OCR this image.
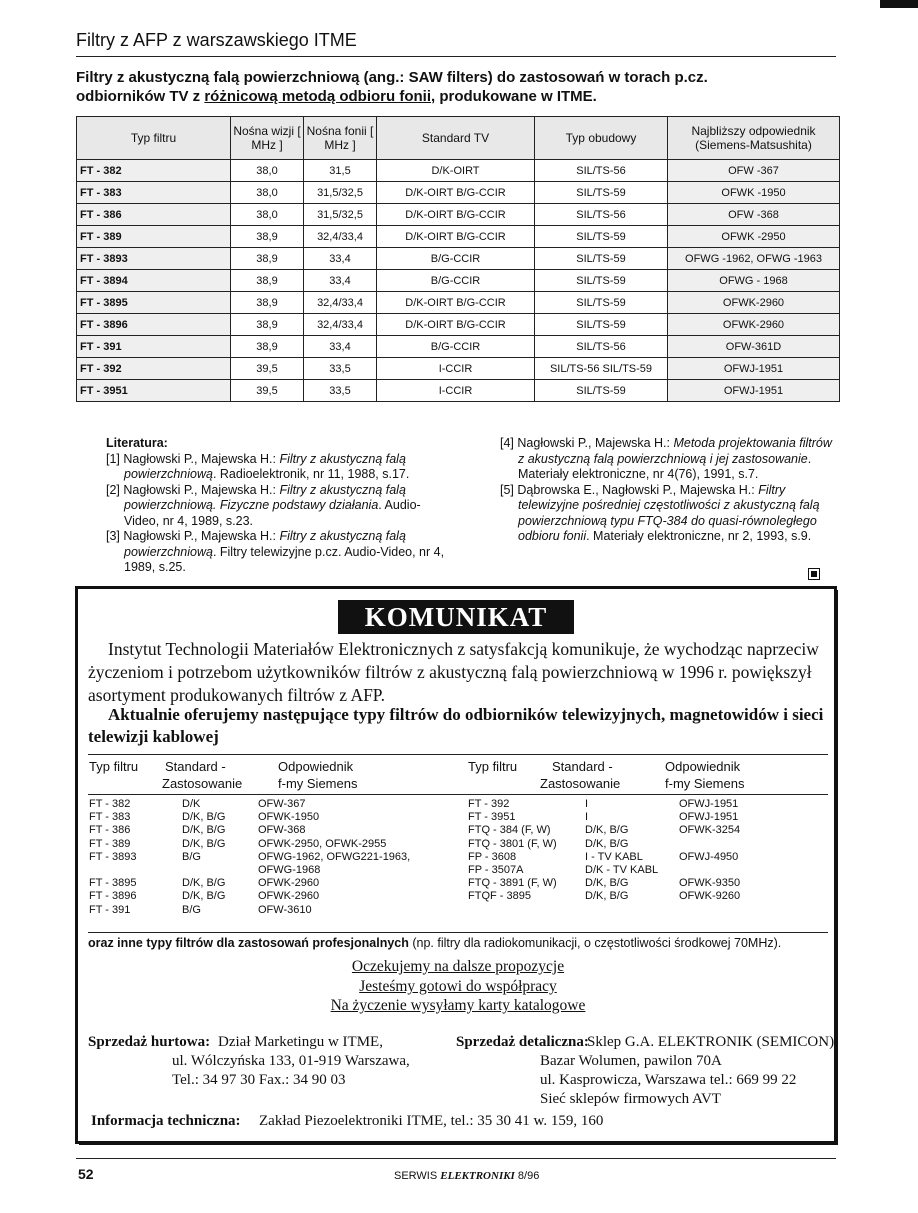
Filtry z AFP z warszawskiego ITME
Filtry z akustyczną falą powierzchniową (ang.: SAW filters) do zastosowań w torach p.cz. odbiorników TV z różnicową metodą odbioru fonii, produkowane w ITME.
Typ filtru	Nośna wizji [ MHz ]	Nośna fonii [ MHz ]	Standard TV	Typ obudowy	Najbliższy odpowiednik (Siemens-Matsushita)
FT - 382	38,0	31,5	D/K-OIRT	SIL/TS-56	OFW -367
FT - 383	38,0	31,5/32,5	D/K-OIRT B/G-CCIR	SIL/TS-59	OFWK -1950
FT - 386	38,0	31,5/32,5	D/K-OIRT B/G-CCIR	SIL/TS-56	OFW -368
FT - 389	38,9	32,4/33,4	D/K-OIRT B/G-CCIR	SIL/TS-59	OFWK -2950
FT - 3893	38,9	33,4	B/G-CCIR	SIL/TS-59	OFWG -1962, OFWG -1963
FT - 3894	38,9	33,4	B/G-CCIR	SIL/TS-59	OFWG - 1968
FT - 3895	38,9	32,4/33,4	D/K-OIRT B/G-CCIR	SIL/TS-59	OFWK-2960
FT - 3896	38,9	32,4/33,4	D/K-OIRT B/G-CCIR	SIL/TS-59	OFWK-2960
FT - 391	38,9	33,4	B/G-CCIR	SIL/TS-56	OFW-361D
FT - 392	39,5	33,5	I-CCIR	SIL/TS-56 SIL/TS-59	OFWJ-1951
FT - 3951	39,5	33,5	I-CCIR	SIL/TS-59	OFWJ-1951

Literatura:

[1] Nagłowski P., Majewska H.: Filtry z akustyczną falą powierzchniową. Radioelektronik, nr 11, 1988, s.17.

[2] Nagłowski P., Majewska H.: Filtry z akustyczną falą powierzchniową. Fizyczne podstawy działania. Audio-Video, nr 4, 1989, s.23.

[3] Nagłowski P., Majewska H.: Filtry z akustyczną falą powierzchniową. Filtry telewizyjne p.cz. Audio-Video, nr 4, 1989, s.25.

[4] Nagłowski P., Majewska H.: Metoda projektowania filtrów z akustyczną falą powierzchniową i jej zastosowanie. Materiały elektroniczne, nr 4(76), 1991, s.7.

[5] Dąbrowska E., Nagłowski P., Majewska H.: Filtry telewizyjne pośredniej częstotliwości z akustyczną falą powierzchniową typu FTQ-384 do quasi-równoległego odbioru fonii. Materiały elektroniczne, nr 2, 1993, s.9.

KOMUNIKAT
Instytut Technologii Materiałów Elektronicznych z satysfakcją komunikuje, że wychodząc naprzeciw życzeniom i potrzebom użytkowników filtrów z akustyczną falą powierzchniową w 1996 r. powiększył asortyment produkowanych filtrów z AFP.
Aktualnie oferujemy następujące typy filtrów do odbiorników telewizyjnych, magnetowidów i sieci telewizji kablowej
Typ filtru Standard -
Zastosowanie
Odpowiednik
f-my Siemens
Typ filtru	Standard -
Zastosowanie
Odpowiednik
f-my Siemens
FT - 382	D/K	OFW-367
FT - 383	D/K, B/G	OFWK-1950
FT - 386	D/K, B/G	OFW-368
FT - 389	D/K, B/G	OFWK-2950, OFWK-2955
FT - 3893	B/G	OFWG-1962, OFWG221-1963,
OFWG-1968
FT - 3895	D/K, B/G	OFWK-2960
FT - 3896	D/K, B/G	OFWK-2960
FT - 391	B/G	OFW-3610
FT - 392	I	OFWJ-1951
FT - 3951	I	OFWJ-1951
FTQ - 384 (F, W)	D/K, B/G	OFWK-3254
FTQ - 3801 (F, W)	D/K, B/G
FP - 3608	I - TV KABL	OFWJ-4950
FP - 3507A	D/K - TV KABL
FTQ - 3891 (F, W)	D/K, B/G	OFWK-9350
FTQF - 3895	D/K, B/G	OFWK-9260
oraz inne typy filtrów dla zastosowań profesjonalnych (np. filtry dla radiokomunikacji, o częstotliwości środkowej 70MHz).
Oczekujemy na dalsze propozycje
Jesteśmy gotowi do współpracy
Na życzenie wysyłamy karty katalogowe
Sprzedaż hurtowa: Dział Marketingu w ITME,
ul. Wólczyńska 133, 01-919 Warszawa,
Tel.: 34 97 30 Fax.: 34 90 03
Sprzedaż detaliczna:
Sklep G.A. ELEKTRONIK (SEMICON)
Bazar Wolumen, pawilon 70A
ul. Kasprowicza, Warszawa tel.: 669 99 22
Sieć sklepów firmowych AVT
Informacja techniczna: Zakład Piezoelektroniki ITME, tel.: 35 30 41 w. 159, 160
52	SERWIS ELEKTRONIKI 8/96
